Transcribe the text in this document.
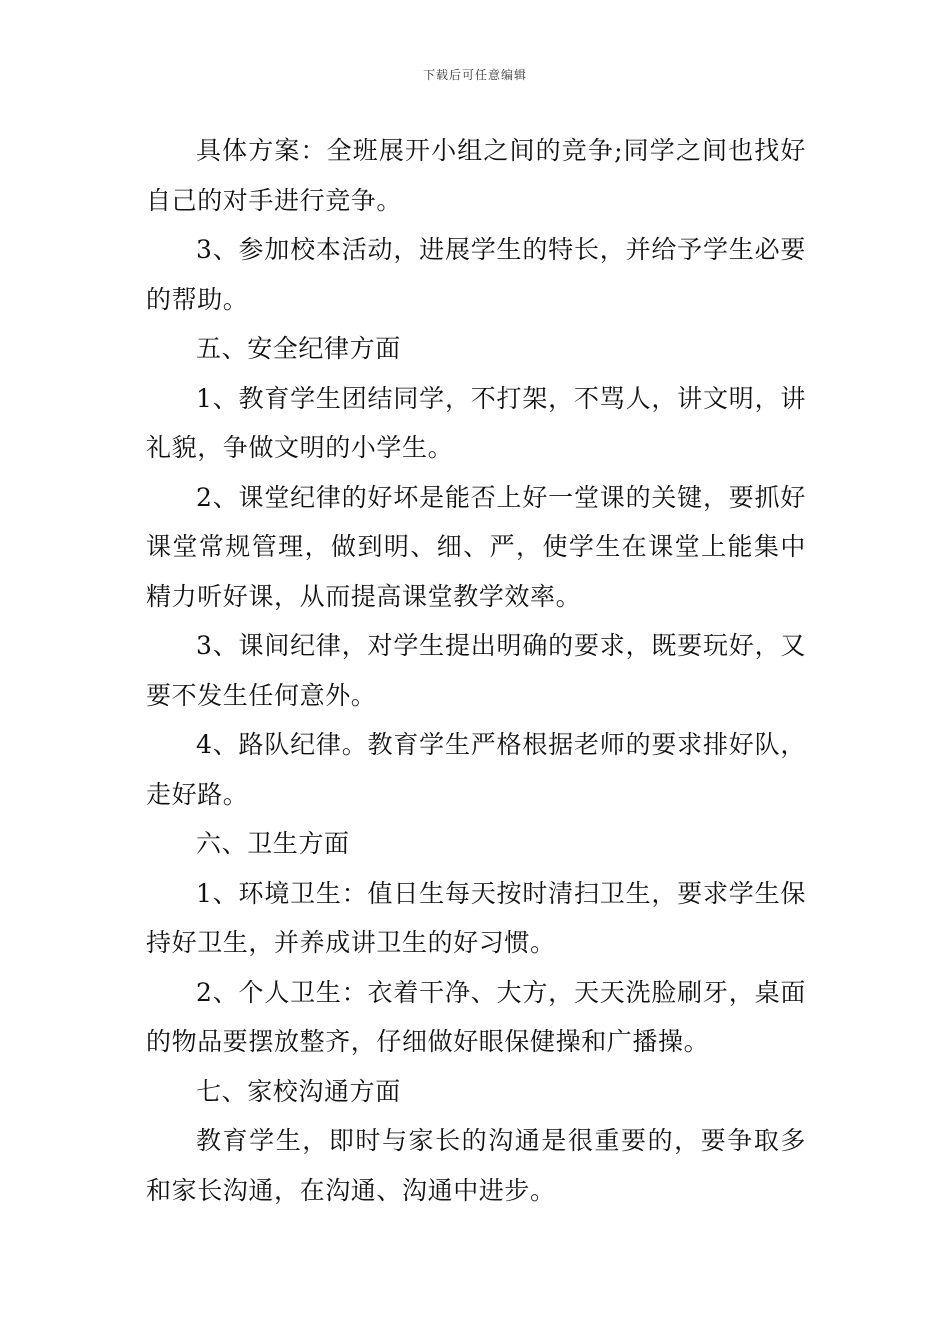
下载后可任意编辑

具体方案：全班展开小组之间的竞争;同学之间也找好自己的对手进行竞争。

3、参加校本活动，进展学生的特长，并给予学生必要的帮助。

五、安全纪律方面

1、教育学生团结同学，不打架，不骂人，讲文明，讲礼貌，争做文明的小学生。

2、课堂纪律的好坏是能否上好一堂课的关键，要抓好课堂常规管理，做到明、细、严，使学生在课堂上能集中精力听好课，从而提高课堂教学效率。

3、课间纪律，对学生提出明确的要求，既要玩好，又要不发生任何意外。

4、路队纪律。教育学生严格根据老师的要求排好队，走好路。

六、卫生方面

1、环境卫生：值日生每天按时清扫卫生，要求学生保持好卫生，并养成讲卫生的好习惯。

2、个人卫生：衣着干净、大方，天天洗脸刷牙，桌面的物品要摆放整齐，仔细做好眼保健操和广播操。

七、家校沟通方面

教育学生，即时与家长的沟通是很重要的，要争取多和家长沟通，在沟通、沟通中进步。
